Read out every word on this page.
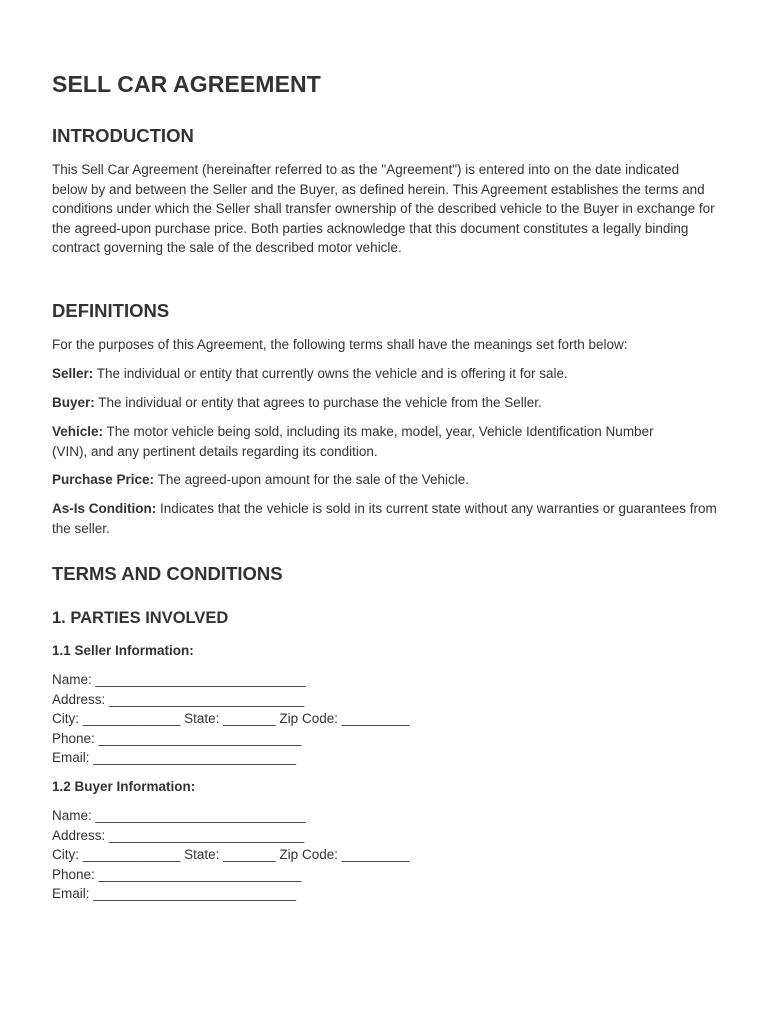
SELL CAR AGREEMENT
INTRODUCTION

This Sell Car Agreement (hereinafter referred to as the "Agreement") is entered into on the date indicated below by and between the Seller and the Buyer, as defined herein. This Agreement establishes the terms and conditions under which the Seller shall transfer ownership of the described vehicle to the Buyer in exchange for the agreed-upon purchase price. Both parties acknowledge that this document constitutes a legally binding contract governing the sale of the described motor vehicle.

DEFINITIONS

For the purposes of this Agreement, the following terms shall have the meanings set forth below:

Seller: The individual or entity that currently owns the vehicle and is offering it for sale.

Buyer: The individual or entity that agrees to purchase the vehicle from the Seller.

Vehicle: The motor vehicle being sold, including its make, model, year, Vehicle Identification Number (VIN), and any pertinent details regarding its condition.

Purchase Price: The agreed-upon amount for the sale of the Vehicle.

As-Is Condition: Indicates that the vehicle is sold in its current state without any warranties or guarantees from the seller.

TERMS AND CONDITIONS
1. PARTIES INVOLVED
1.1 Seller Information:
Name: ____________________________
Address: __________________________
City: _____________ State: _______ Zip Code: _________
Phone: ___________________________
Email: ___________________________
1.2 Buyer Information:
Name: ____________________________
Address: __________________________
City: _____________ State: _______ Zip Code: _________
Phone: ___________________________
Email: ___________________________
